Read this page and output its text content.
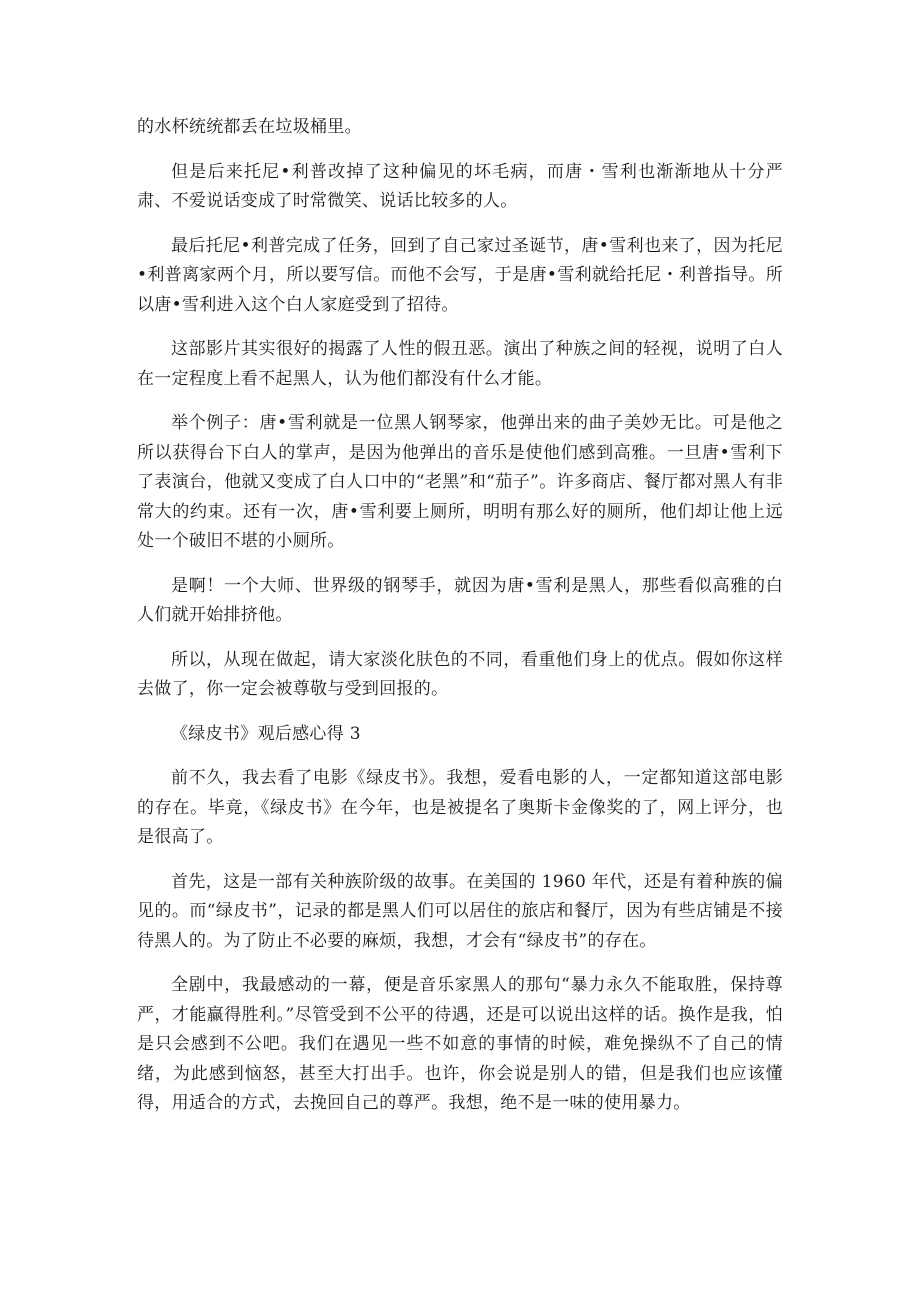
的水杯统统都丢在垃圾桶里。

但是后来托尼•利普改掉了这种偏见的坏毛病，而唐・雪利也渐渐地从十分严肃、不爱说话变成了时常微笑、说话比较多的人。

最后托尼•利普完成了任务，回到了自己家过圣诞节，唐•雪利也来了，因为托尼•利普离家两个月，所以要写信。而他不会写，于是唐•雪利就给托尼・利普指导。所以唐•雪利进入这个白人家庭受到了招待。

这部影片其实很好的揭露了人性的假丑恶。演出了种族之间的轻视，说明了白人在一定程度上看不起黑人，认为他们都没有什么才能。

举个例子：唐•雪利就是一位黑人钢琴家，他弹出来的曲子美妙无比。可是他之所以获得台下白人的掌声，是因为他弹出的音乐是使他们感到高雅。一旦唐•雪利下了表演台，他就又变成了白人口中的“老黑”和“茄子”。许多商店、餐厅都对黑人有非常大的约束。还有一次，唐•雪利要上厕所，明明有那么好的厕所，他们却让他上远处一个破旧不堪的小厕所。

是啊！一个大师、世界级的钢琴手，就因为唐•雪利是黑人，那些看似高雅的白人们就开始排挤他。

所以，从现在做起，请大家淡化肤色的不同，看重他们身上的优点。假如你这样去做了，你一定会被尊敬与受到回报的。

《绿皮书》观后感心得 3

前不久，我去看了电影《绿皮书》。我想，爱看电影的人，一定都知道这部电影的存在。毕竟，《绿皮书》在今年，也是被提名了奥斯卡金像奖的了，网上评分，也是很高了。

首先，这是一部有关种族阶级的故事。在美国的 1960 年代，还是有着种族的偏见的。而“绿皮书”，记录的都是黑人们可以居住的旅店和餐厅，因为有些店铺是不接待黑人的。为了防止不必要的麻烦，我想，才会有“绿皮书”的存在。

全剧中，我最感动的一幕，便是音乐家黑人的那句“暴力永久不能取胜，保持尊严，才能赢得胜利。”尽管受到不公平的待遇，还是可以说出这样的话。换作是我，怕是只会感到不公吧。我们在遇见一些不如意的事情的时候，难免操纵不了自己的情绪，为此感到恼怒，甚至大打出手。也许，你会说是别人的错，但是我们也应该懂得，用适合的方式，去挽回自己的尊严。我想，绝不是一味的使用暴力。
